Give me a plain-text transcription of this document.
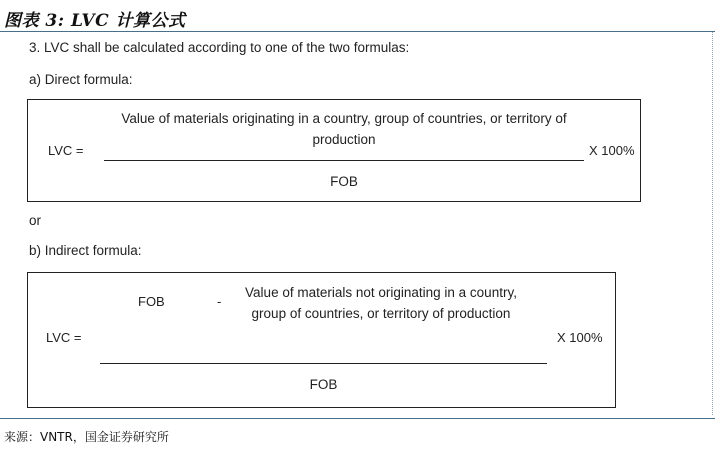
图表 3: LVC 计算公式
3. LVC shall be calculated according to one of the two formulas:
a) Direct formula:
LVC =
Value of materials originating in a country, group of countries, or territory of
production
FOB
X 100%
or
b) Indirect formula:
LVC =
FOB	-
Value of materials not originating in a country,
group of countries, or territory of production
FOB
X 100%
来源：VNTR，国金证券研究所
